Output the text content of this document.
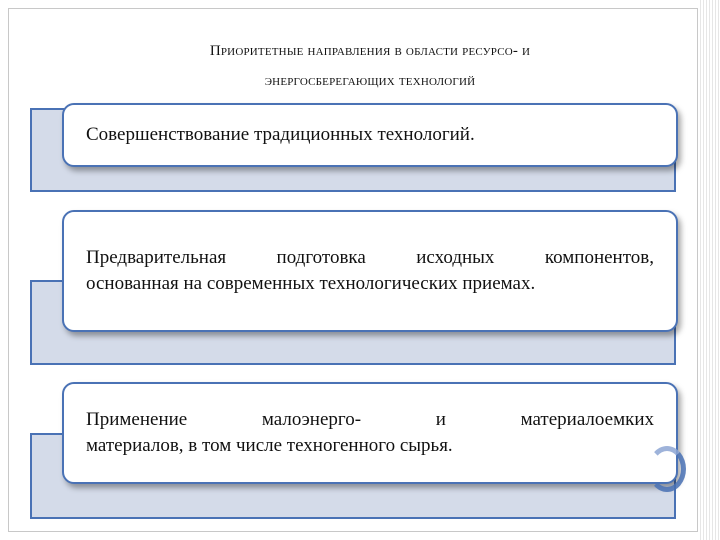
Приоритетные направления в области ресурсо- и
энергосберегающих технологий
Совершенствование традиционных технологий.
Предварительная подготовка исходных компонентов,
основанная на современных технологических приемах.
Применение малоэнерго- и материалоемких
материалов, в том числе техногенного сырья.
